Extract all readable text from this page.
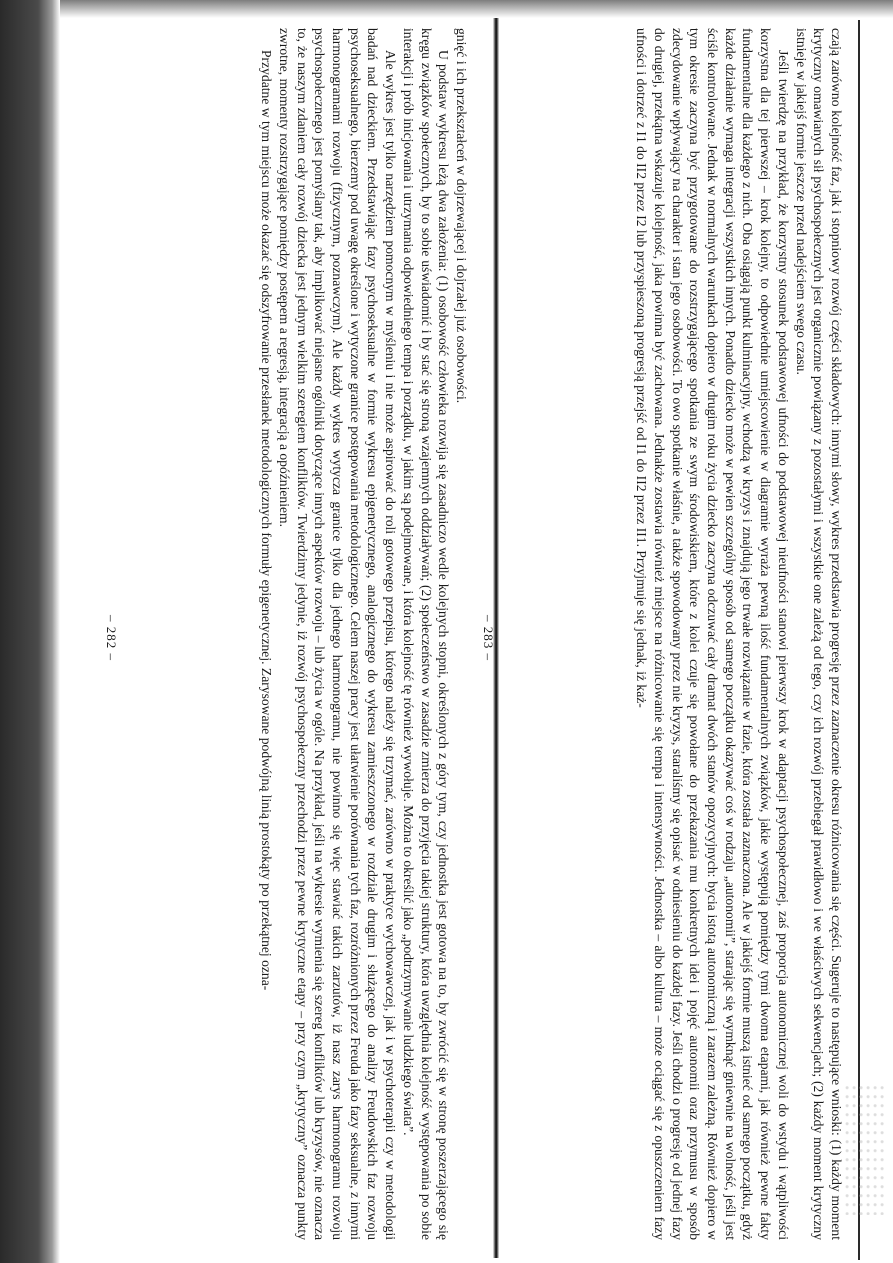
gnięć i ich przekształceń w dojrzewającej i dojrzałej już osobowości.

U podstaw wykresu leżą dwa założenia: (1) osobowość człowieka rozwija się zasadniczo wedle kolejnych stopni, określonych z góry tym, czy jednostka jest gotowa na to, by zwrócić się w stronę poszerzającego się kręgu związków społecznych, by to sobie uświadomić i by stać się stroną wzajemnych oddziaływań; (2) społeczeństwo w zasadzie zmierza do przyjęcia takiej struktury, która uwzględnia kolejność występowania po sobie interakcji i prób inicjowania i utrzymania odpowiedniego tempa i porządku, w jakim są podejmowane, i która kolejność tę również wywołuje. Można to określić jako „podtrzymywanie ludzkiego świata”.

Ale wykres jest tylko narzędziem pomocnym w myśleniu i nie może aspirować do roli gotowego przepisu, którego należy się trzymać, zarówno w praktyce wychowawczej, jak i w psychoterapii czy w metodologii badań nad dzieckiem. Przedstawiając fazy psychoseksualne w formie wykresu epigenetycznego, analogicznego do wykresu zamieszczonego w rozdziale drugim i służącego do analizy Freudowskich faz rozwoju psychoseksualnego, bierzemy pod uwagę określone i wytyczone granice postępowania metodologicznego. Celem naszej pracy jest ułatwienie porównania tych faz, rozróżnionych przez Freuda jako fazy seksualne, z innymi harmonogramami rozwoju (fizycznym, poznawczym). Ale każdy wykres wytycza granice tylko dla jednego harmonogramu, nie powinno się więc stawiać takich zarzutów, iż nasz zarys harmonogramu rozwoju psychospołecznego jest pomyślany tak, aby implikować niejasne ogólniki dotyczące innych aspektów rozwoju – lub życia w ogóle. Na przykład, jeśli na wykresie wymienia się szereg konfliktów lub kryzysów, nie oznacza to, że naszym zdaniem cały rozwój dziecka jest jednym wielkim szeregiem konfliktów. Twierdzimy jedynie, iż rozwój psychospołeczny przechodzi przez pewne krytyczne etapy – przy czym „krytyczny” oznacza punkty zwrotne, momenty rozstrzygające pomiędzy postępem a regresją, integracją a opóźnieniem.

Przydatne w tym miejscu może okazać się odszyfrowanie przesłanek metodologicznych formuły epigenetycznej. Zarysowane podwójną linią prostokąty po przekątnej ozna-

– 282 –	czają zarówno kolejność faz, jak i stopniowy rozwój części składowych: innymi słowy, wykres przedstawia progresję przez zaznaczenie okresu różnicowania się części. Sugeruje to następujące wnioski: (1) każdy moment krytyczny omawianych sił psychospołecznych jest organicznie powiązany z pozostałymi i wszystkie one zależą od tego, czy ich rozwój przebiegał prawidłowo i we właściwych sekwencjach; (2) każdy moment krytyczny istnieje w jakiejś formie jeszcze przed nadejściem swego czasu.

Jeśli twierdzę na przykład, że korzystny stosunek podstawowej ufności do podstawowej nieufności stanowi pierwszy krok w adaptacji psychospołecznej, zaś proporcja autonomicznej woli do wstydu i wątpliwości korzystna dla tej pierwszej – krok kolejny, to odpowiednie umiejscowienie w diagramie wyraża pewną ilość fundamentalnych związków, jakie występują pomiędzy tymi dwoma etapami, jak również pewne fakty fundamentalne dla każdego z nich. Oba osiągają punkt kulminacyjny, wchodzą w kryzys i znajdują jego trwałe rozwiązanie w fazie, która została zaznaczona. Ale w jakiejś formie muszą istnieć od samego początku, gdyż każde działanie wymaga integracji wszystkich innych. Ponadto dziecko może w pewien szczególny sposób od samego początku okazywać coś w rodzaju „autonomii”, starając się wymknąć gniewnie na wolność, jeśli jest ściśle kontrolowane. Jednak w normalnych warunkach dopiero w drugim roku życia dziecko zaczyna odczuwać cały dramat dwóch stanów opozycyjnych: bycia istotą autonomiczną i zarazem zależną. Również dopiero w tym okresie zaczyna być przygotowane do rozstrzygającego spotkania ze swym środowiskiem, które z kolei czuje się powołane do przekazania mu konkretnych idei i pojęć autonomii oraz przymusu w sposób zdecydowanie wpływający na charakter i stan jego osobowości. To owo spotkanie właśnie, a także spowodowany przez nie kryzys, staraliśmy się opisać w odniesieniu do każdej fazy. Jeśli chodzi o progresję od jednej fazy do drugiej, przekątna wskazuje kolejność, jaka powinna być zachowana. Jednakże zostawia również miejsce na różnicowanie się tempa i intensywności. Jednostka – albo kultura – może ociągać się z opuszczeniem fazy ufności i dotrzeć z I1 do II2 przez I2 lub przyspieszoną progresją przejść od I1 do II2 przez II1. Przyjmuje się jednak, iż każ-

– 283 –
